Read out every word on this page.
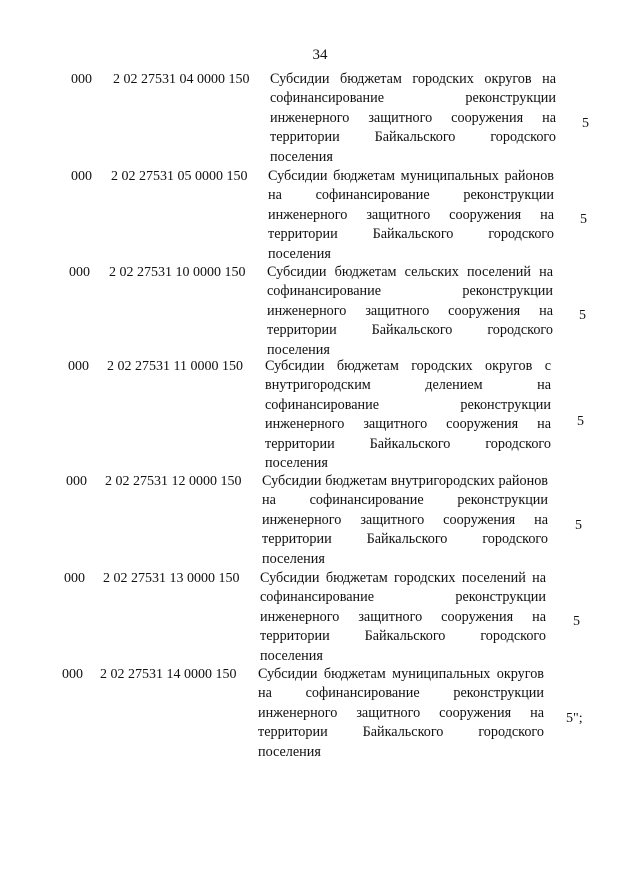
34
000 2 02 27531 04 0000 150 Субсидии бюджетам городских округов на софинансирование реконструкции инженерного защитного сооружения на территории Байкальского городского поселения
5
000 2 02 27531 05 0000 150 Субсидии бюджетам муниципальных районов на софинансирование реконструкции инженерного защитного сооружения на территории Байкальского городского поселения
5
000 2 02 27531 10 0000 150 Субсидии бюджетам сельских поселений на софинансирование реконструкции инженерного защитного сооружения на территории Байкальского городского поселения
5
000 2 02 27531 11 0000 150 Субсидии бюджетам городских округов с внутригородским делением на софинансирование реконструкции инженерного защитного сооружения на территории Байкальского городского поселения
5
000 2 02 27531 12 0000 150 Субсидии бюджетам внутригородских районов на софинансирование реконструкции инженерного защитного сооружения на территории Байкальского городского поселения
5
000 2 02 27531 13 0000 150 Субсидии бюджетам городских поселений на софинансирование реконструкции инженерного защитного сооружения на территории Байкальского городского поселения
5
000 2 02 27531 14 0000 150 Субсидии бюджетам муниципальных округов на софинансирование реконструкции инженерного защитного сооружения на территории Байкальского городского поселения
5";
